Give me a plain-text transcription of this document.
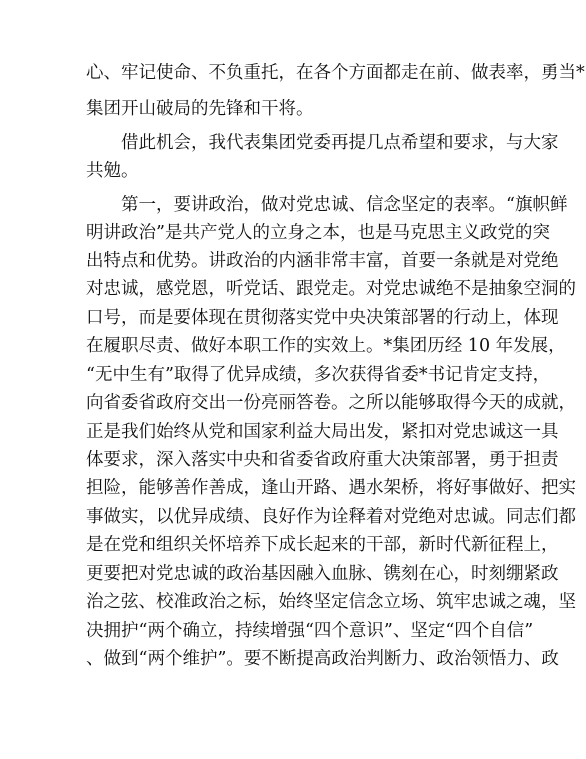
心、牢记使命、不负重托，在各个方面都走在前、做表率，勇当*
集团开山破局的先锋和干将。
借此机会，我代表集团党委再提几点希望和要求，与大家
共勉。
第一，要讲政治，做对党忠诚、信念坚定的表率。“旗帜鲜
明讲政治”是共产党人的立身之本，也是马克思主义政党的突
出特点和优势。讲政治的内涵非常丰富，首要一条就是对党绝
对忠诚，感党恩，听党话、跟党走。对党忠诚绝不是抽象空洞的
口号，而是要体现在贯彻落实党中央决策部署的行动上，体现
在履职尽责、做好本职工作的实效上。*集团历经 10 年发展，
“无中生有”取得了优异成绩，多次获得省委*书记肯定支持，
向省委省政府交出一份亮丽答卷。之所以能够取得今天的成就，
正是我们始终从党和国家利益大局出发，紧扣对党忠诚这一具
体要求，深入落实中央和省委省政府重大决策部署，勇于担责
担险，能够善作善成，逢山开路、遇水架桥，将好事做好、把实
事做实，以优异成绩、良好作为诠释着对党绝对忠诚。同志们都
是在党和组织关怀培养下成长起来的干部，新时代新征程上，
更要把对党忠诚的政治基因融入血脉、镌刻在心，时刻绷紧政
治之弦、校准政治之标，始终坚定信念立场、筑牢忠诚之魂，坚
决拥护“两个确立，持续增强“四个意识”、坚定“四个自信”
、做到“两个维护”。要不断提高政治判断力、政治领悟力、政
